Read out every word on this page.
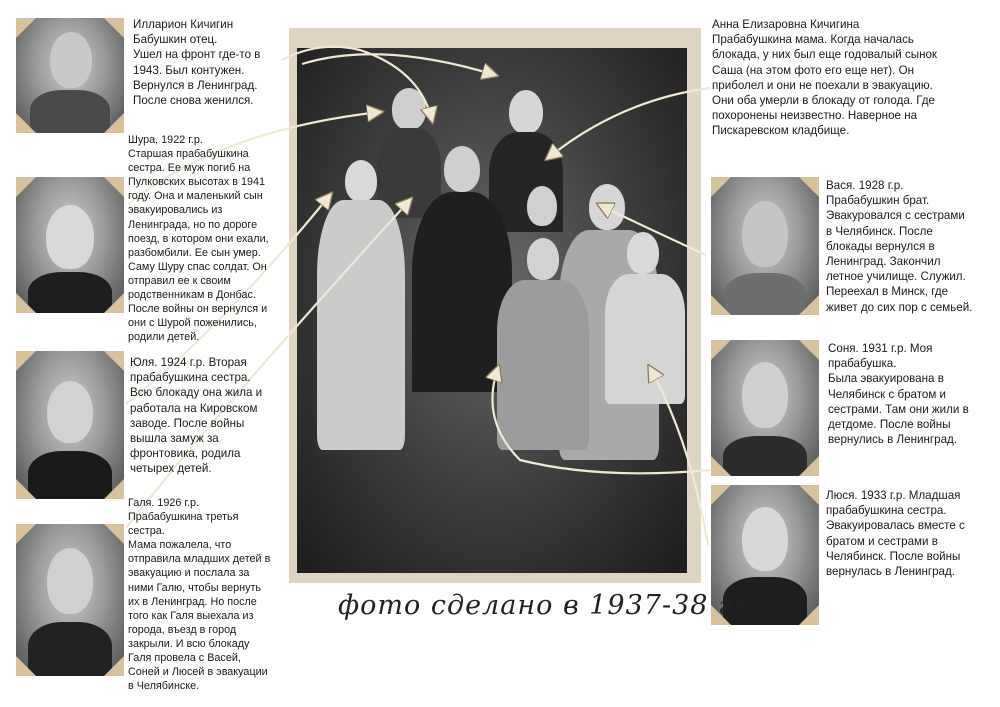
Илларион Кичигин
Бабушкин отец.
Ушел на фронт где-то в
1943. Был контужен.
Вернулся в Ленинград.
После снова женился.

Анна Елизаровна Кичигина
Прабабушкина мама. Когда началась
блокада, у них был еще годовалый сынок
Саша (на этом фото его еще нет). Он
приболел и они не поехали в эвакуацию.
Они оба умерли в блокаду от голода. Где
похоронены неизвестно. Наверное на
Пискаревском кладбище.

Шура, 1922 г.р.
Старшая прабабушкина
сестра. Ее муж погиб на
Пулковских высотах в 1941
году. Она и маленький сын
эвакуировались из
Ленинграда, но по дороге
поезд, в котором они ехали,
разбомбили. Ее сын умер.
Саму Шуру спас солдат. Он
отправил ее к своим
родственникам в Донбас.
После войны он вернулся и
они с Шурой поженились,
родили детей.

Вася. 1928 г.р.
Прабабушкин брат.
Эвакуровался с сестрами
в Челябинск. После
блокады вернулся в
Ленинград. Закончил
летное училище. Служил.
Переехал в Минск, где
живет до сих пор с семьей.

Юля. 1924 г.р. Вторая
прабабушкина сестра.
Всю блокаду она жила и
работала на Кировском
заводе. После войны
вышла замуж за
фронтовика, родила
четырех детей.

Соня. 1931 г.р. Моя
прабабушка.
Была эвакуирована в
Челябинск с братом и
сестрами. Там они жили в
детдоме. После войны
вернулись в Ленинград.

Галя. 1926 г.р.
Прабабушкина третья
сестра.
Мама пожалела, что
отправила младших детей в
эвакуацию и послала за
ними Галю, чтобы вернуть
их в Ленинград. Но после
того как Галя выехала из
города, въезд в город
закрыли. И всю блокаду
Галя провела с Васей,
Соней и Люсей в эвакуации
в Челябинске.

Люся. 1933 г.р. Младшая
прабабушкина сестра.
Эвакуировалась вместе с
братом и сестрами в
Челябинск. После войны
вернулась в Ленинград.

фото сделано в 1937-38 гг.
